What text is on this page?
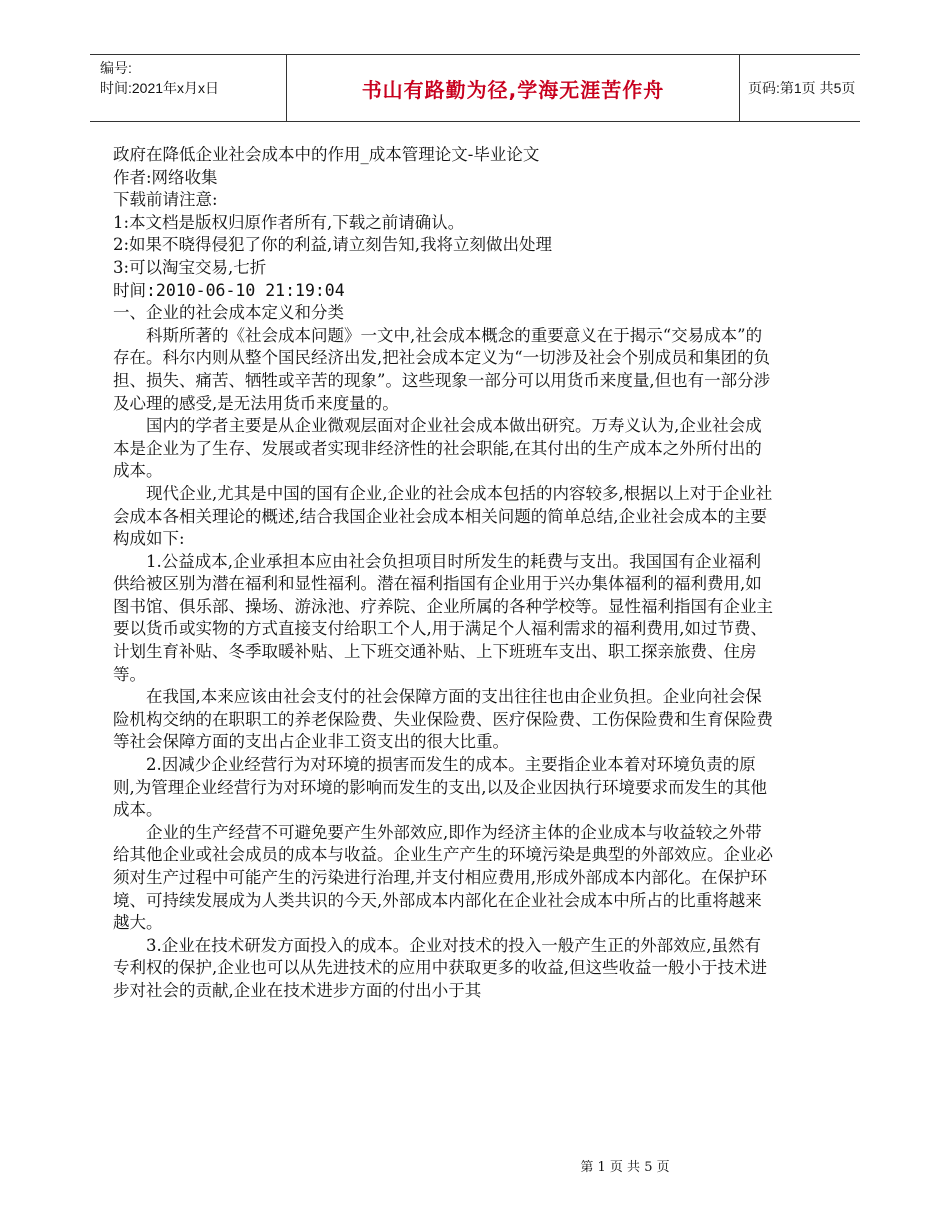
编号:
时间:2021年x月x日	书山有路勤为径,学海无涯苦作舟	页码:第1页 共5页

政府在降低企业社会成本中的作用_成本管理论文-毕业论文

作者:网络收集

下载前请注意:

1:本文档是版权归原作者所有,下载之前请确认。

2:如果不晓得侵犯了你的利益,请立刻告知,我将立刻做出处理

3:可以淘宝交易,七折

时间:2010-06-10 21:19:04

一、企业的社会成本定义和分类

科斯所著的《社会成本问题》一文中,社会成本概念的重要意义在于揭示“交易成本”的存在。科尔内则从整个国民经济出发,把社会成本定义为“一切涉及社会个别成员和集团的负担、损失、痛苦、牺牲或辛苦的现象”。这些现象一部分可以用货币来度量,但也有一部分涉及心理的感受,是无法用货币来度量的。

国内的学者主要是从企业微观层面对企业社会成本做出研究。万寿义认为,企业社会成本是企业为了生存、发展或者实现非经济性的社会职能,在其付出的生产成本之外所付出的成本。

现代企业,尤其是中国的国有企业,企业的社会成本包括的内容较多,根据以上对于企业社会成本各相关理论的概述,结合我国企业社会成本相关问题的简单总结,企业社会成本的主要构成如下:

1.公益成本,企业承担本应由社会负担项目时所发生的耗费与支出。我国国有企业福利供给被区别为潜在福利和显性福利。潜在福利指国有企业用于兴办集体福利的福利费用,如图书馆、俱乐部、操场、游泳池、疗养院、企业所属的各种学校等。显性福利指国有企业主要以货币或实物的方式直接支付给职工个人,用于满足个人福利需求的福利费用,如过节费、计划生育补贴、冬季取暖补贴、上下班交通补贴、上下班班车支出、职工探亲旅费、住房等。

在我国,本来应该由社会支付的社会保障方面的支出往往也由企业负担。企业向社会保险机构交纳的在职职工的养老保险费、失业保险费、医疗保险费、工伤保险费和生育保险费等社会保障方面的支出占企业非工资支出的很大比重。

2.因减少企业经营行为对环境的损害而发生的成本。主要指企业本着对环境负责的原则,为管理企业经营行为对环境的影响而发生的支出,以及企业因执行环境要求而发生的其他成本。

企业的生产经营不可避免要产生外部效应,即作为经济主体的企业成本与收益较之外带给其他企业或社会成员的成本与收益。企业生产产生的环境污染是典型的外部效应。企业必须对生产过程中可能产生的污染进行治理,并支付相应费用,形成外部成本内部化。在保护环境、可持续发展成为人类共识的今天,外部成本内部化在企业社会成本中所占的比重将越来越大。

3.企业在技术研发方面投入的成本。企业对技术的投入一般产生正的外部效应,虽然有专利权的保护,企业也可以从先进技术的应用中获取更多的收益,但这些收益一般小于技术进步对社会的贡献,企业在技术进步方面的付出小于其

第 1 页 共 5 页
